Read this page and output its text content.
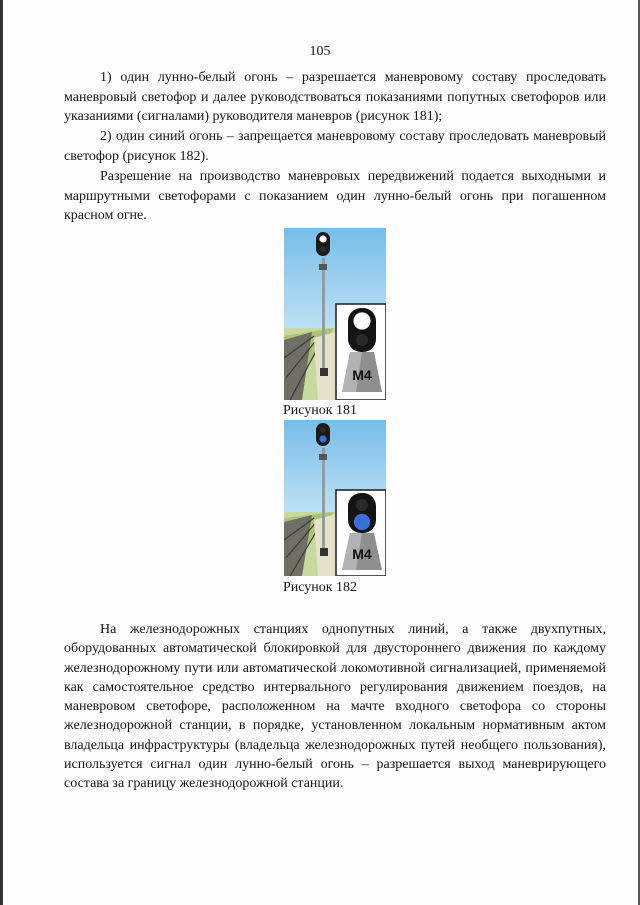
105

1) один лунно-белый огонь – разрешается маневровому составу проследовать маневровый светофор и далее руководствоваться показаниями попутных светофоров или указаниями (сигналами) руководителя маневров (рисунок 181);

2) один синий огонь – запрещается маневровому составу проследовать маневровый светофор (рисунок 182).

Разрешение на производство маневровых передвижений подается выходными и маршрутными светофорами с показанием один лунно-белый огонь при погашенном красном огне.

М4
Рисунок 181
М4
Рисунок 182

На железнодорожных станциях однопутных линий, а также двухпутных, оборудованных автоматической блокировкой для двустороннего движения по каждому железнодорожному пути или автоматической локомотивной сигнализацией, применяемой как самостоятельное средство интервального регулирования движением поездов, на маневровом светофоре, расположенном на мачте входного светофора со стороны железнодорожной станции, в порядке, установленном локальным нормативным актом владельца инфраструктуры (владельца железнодорожных путей необщего пользования), используется сигнал один лунно-белый огонь – разрешается выход маневрирующего состава за границу железнодорожной станции.
